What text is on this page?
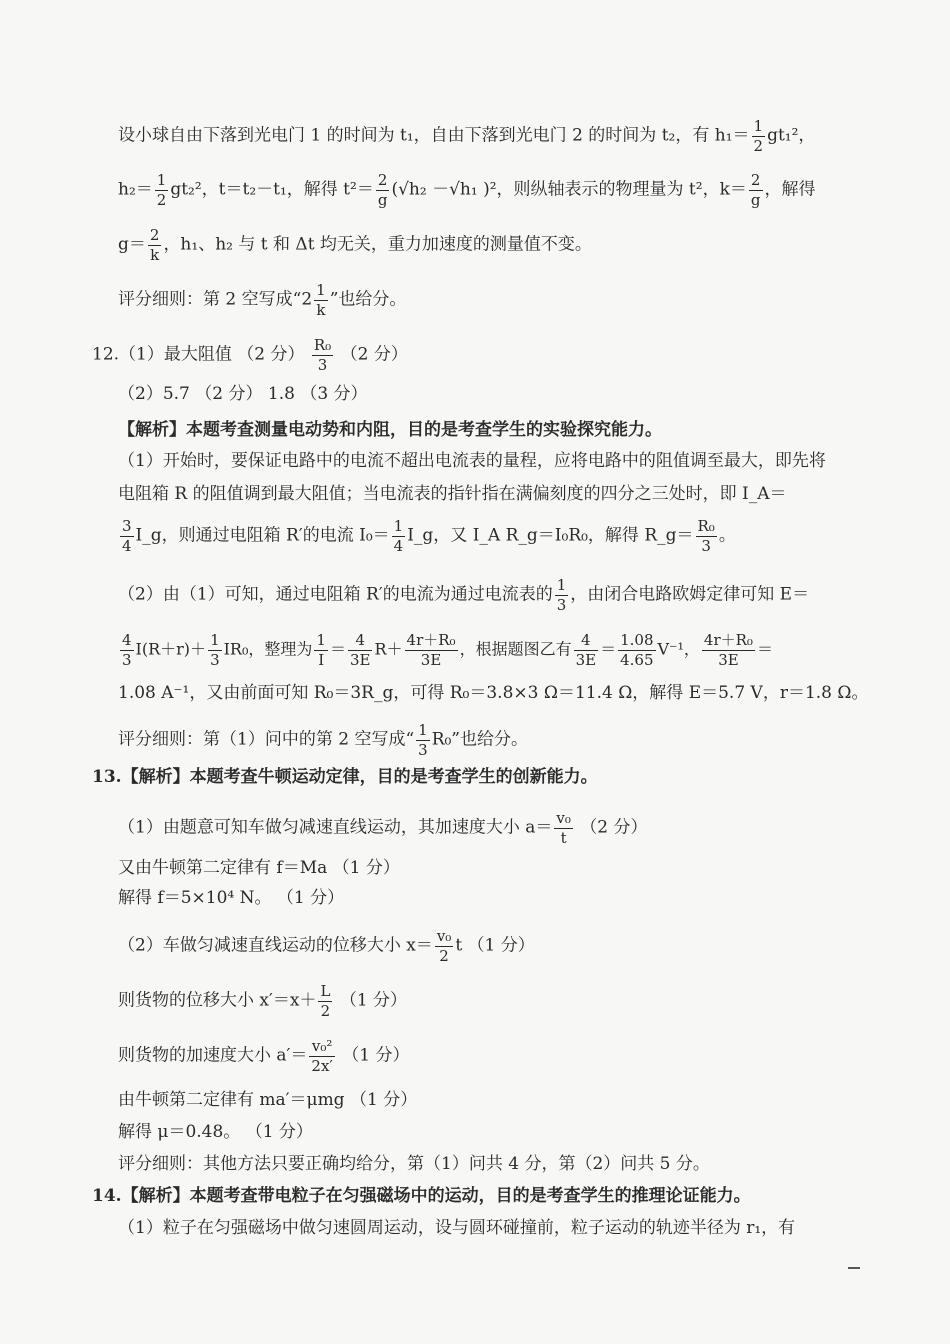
设小球自由下落到光电门 1 的时间为 t₁，自由下落到光电门 2 的时间为 t₂，有 $h_1= \frac{1}{2} gt_1^2$，
$h_2= \frac{1}{2} gt_2^2$，t＝t₂－t₁，解得 $t^2= \frac{2}{g} (√h_2 -√h_1$ )²，则纵轴表示的物理量为 t²，$k= \frac{2}{g}$ ，解得
$g= \frac{2}{k}$ ，h₁、h₂ 与 t 和 Δt 均无关，重力加速度的测量值不变。
评分细则：第 2 空写成“$2 \frac{1}{k}$ ”也给分。
12.（1）最大阻值 （2 分） $\frac{\text{R₀}}{3} (2$ 分）
（2）5.7 （2 分） 1.8 （3 分）
【解析】本题考查测量电动势和内阻，目的是考查学生的实验探究能力。
（1）开始时，要保证电路中的电流不超出电流表的量程，应将电路中的阻值调至最大，即先将
电阻箱 R 的阻值调到最大阻值；当电流表的指针指在满偏刻度的四分之三处时，即 I_A＝
$\frac{3}{4}$ I_g，则通过电阻箱 R′的电流 $I_0= \frac{1}{4}$ I_g，又 I_A R_g＝I₀R₀，解得 R_g＝ $\frac{\text{R₀}}{3}$ 。
（2）由（1）可知，通过电阻箱 R′的电流为通过电流表的 $\frac{1}{3}$ ，由闭合电路欧姆定律可知 E＝
$\frac{4}{3} I(R+r)+ \frac{1}{3} IR_0$，整理为 $\frac{1}{I} = \frac{4}{3E} R+ \frac{\text{4r＋R₀}}{3E}$ ，根据题图乙有 $\frac{4}{3E} = \frac{1.08}{4.65} V^{-1}$， $\frac{\text{4r＋R₀}}{3E}$ ＝
1.08 A⁻¹，又由前面可知 R₀＝3R_g，可得 R₀＝3.8×3 Ω＝11.4 Ω，解得 E＝5.7 V，r＝1.8 Ω。
评分细则：第（1）问中的第 2 空写成“ $\frac{1}{3} R_0$”也给分。
13.【解析】本题考查牛顿运动定律，目的是考查学生的创新能力。
（1）由题意可知车做匀减速直线运动，其加速度大小 $a= \frac{\text{v₀}}{t} (2$ 分）
又由牛顿第二定律有 f＝Ma （1 分）
解得 f＝5×10⁴ N。 （1 分）
（2）车做匀减速直线运动的位移大小 $x= \frac{\text{v₀}}{2}$ t （1 分）
则货物的位移大小 $x'=x+ \frac{L}{2} (1$ 分）
则货物的加速度大小 $a'= \frac{\text{v₀²}}{2x'} (1$ 分）
由牛顿第二定律有 ma′＝μmg （1 分）
解得 μ＝0.48。 （1 分）
评分细则：其他方法只要正确均给分，第（1）问共 4 分，第（2）问共 5 分。
14.【解析】本题考查带电粒子在匀强磁场中的运动，目的是考查学生的推理论证能力。
（1）粒子在匀强磁场中做匀速圆周运动，设与圆环碰撞前，粒子运动的轨迹半径为 r₁，有
